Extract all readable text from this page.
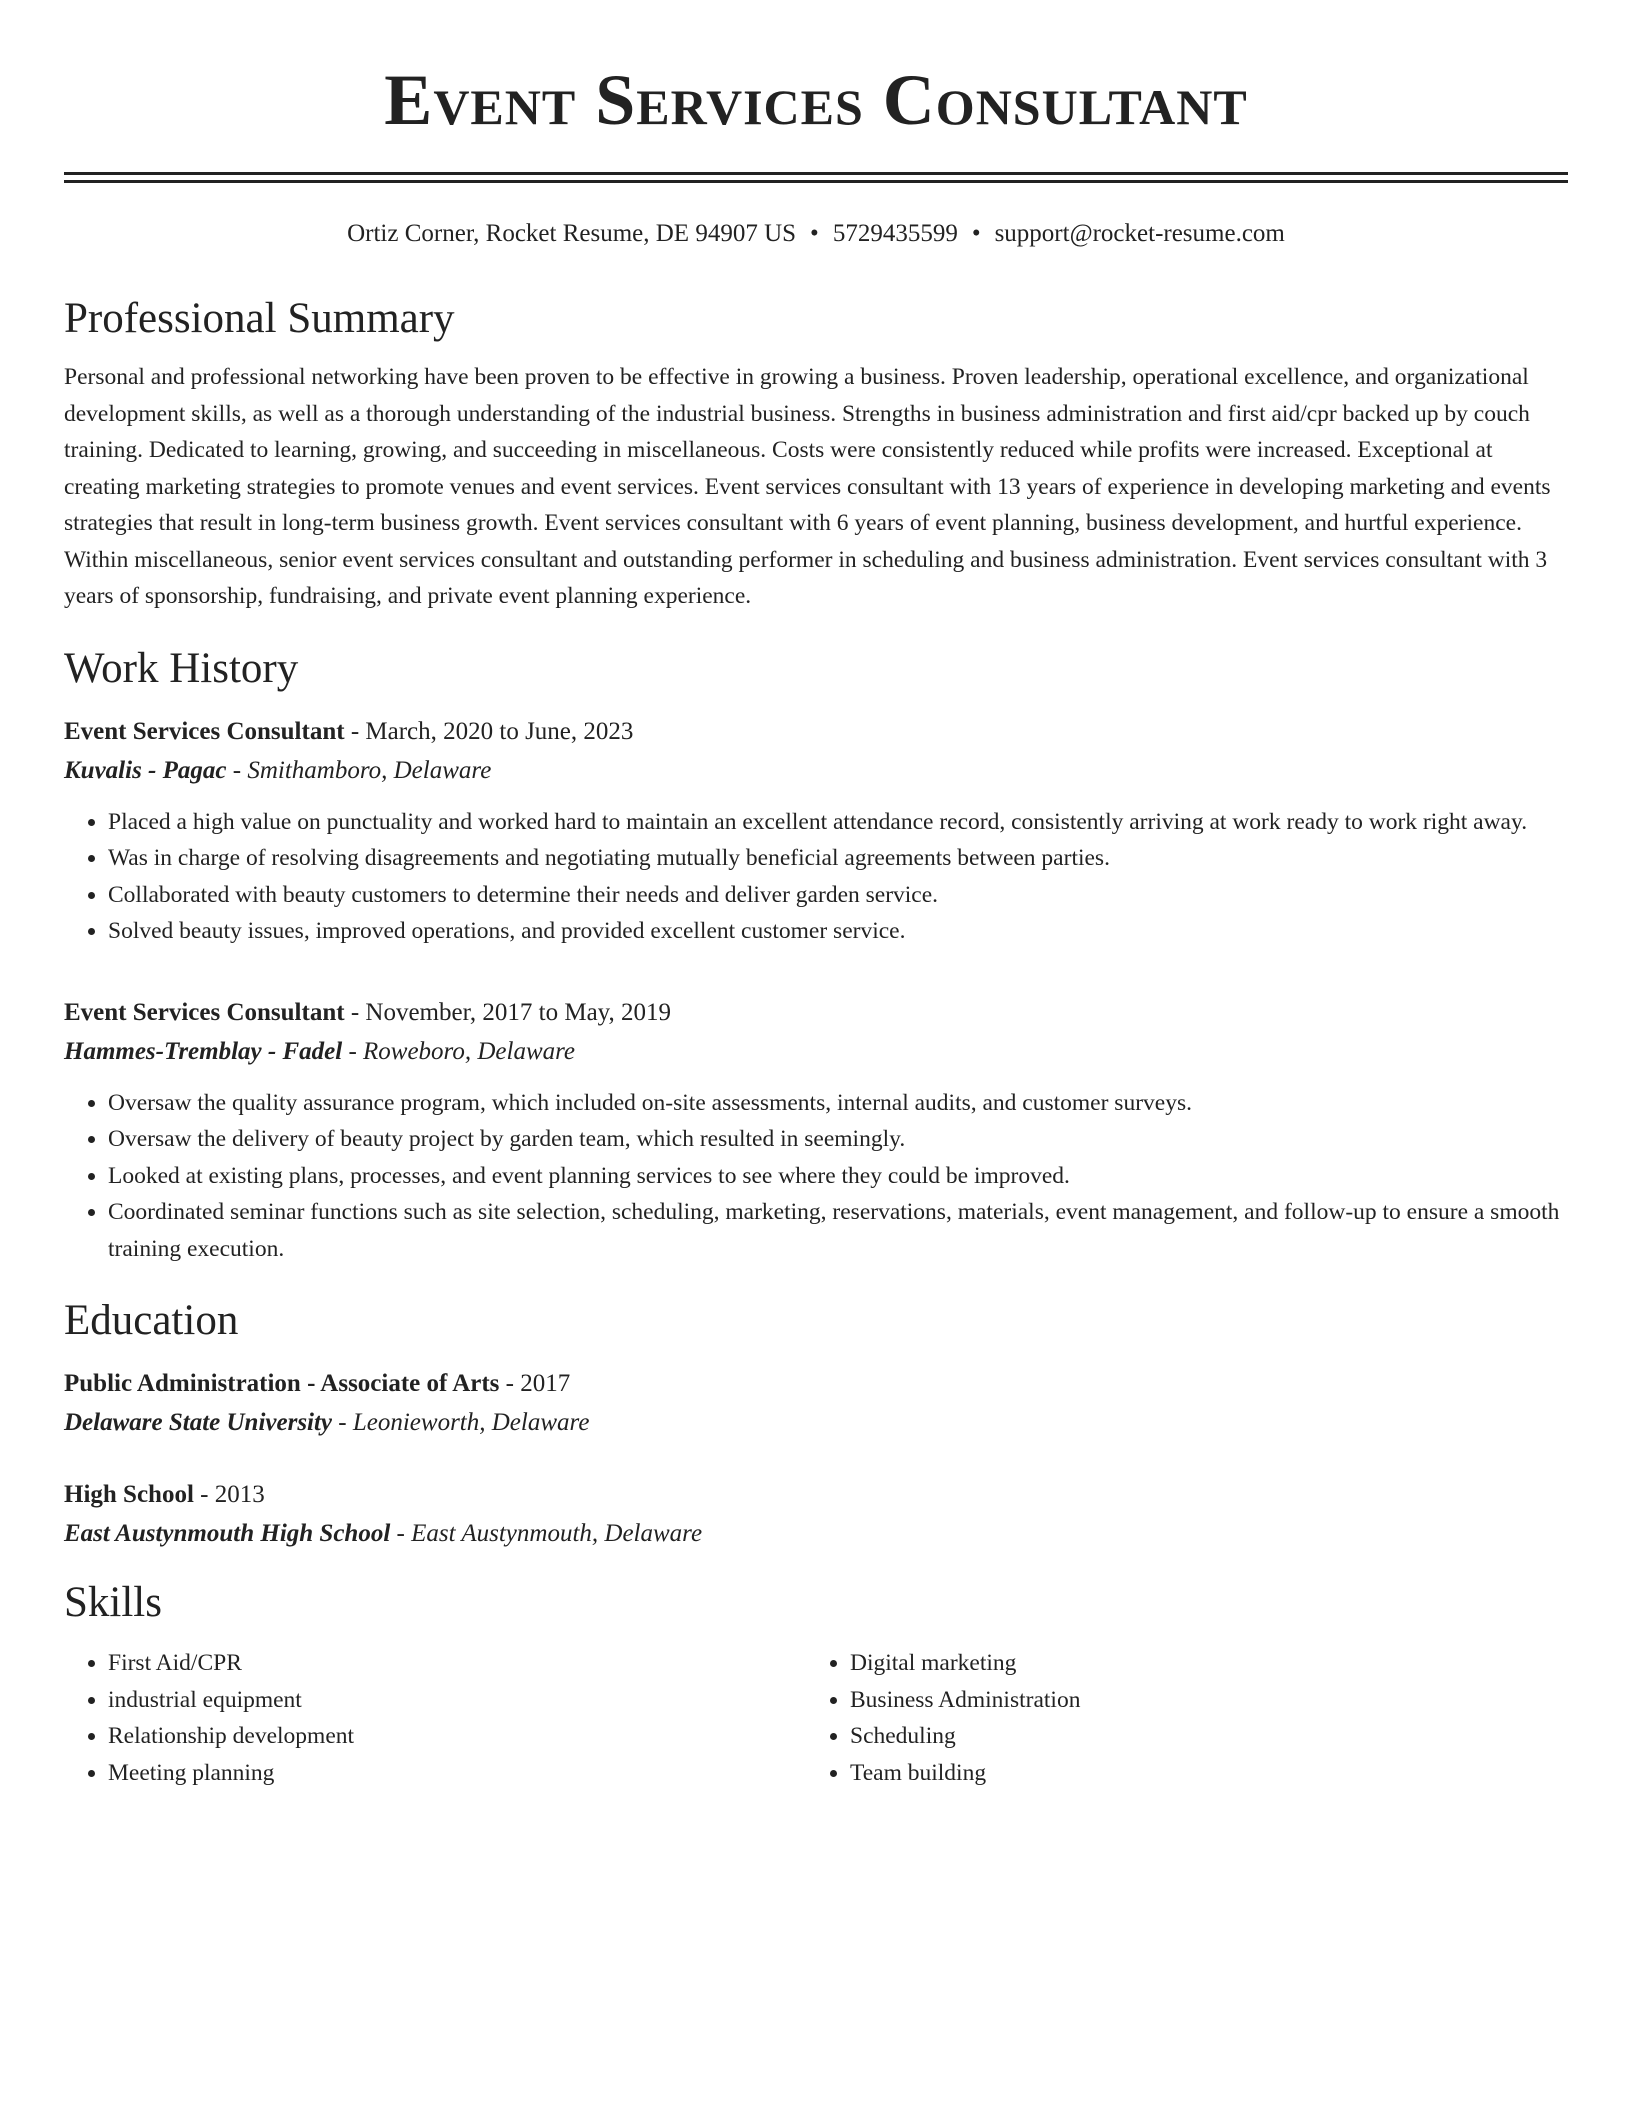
Event Services Consultant
Ortiz Corner, Rocket Resume, DE 94907 US • 5729435599 • support@rocket-resume.com
Professional Summary
Personal and professional networking have been proven to be effective in growing a business. Proven leadership, operational excellence, and organizational development skills, as well as a thorough understanding of the industrial business. Strengths in business administration and first aid/cpr backed up by couch training. Dedicated to learning, growing, and succeeding in miscellaneous. Costs were consistently reduced while profits were increased. Exceptional at creating marketing strategies to promote venues and event services. Event services consultant with 13 years of experience in developing marketing and events strategies that result in long-term business growth. Event services consultant with 6 years of event planning, business development, and hurtful experience. Within miscellaneous, senior event services consultant and outstanding performer in scheduling and business administration. Event services consultant with 3 years of sponsorship, fundraising, and private event planning experience.
Work History
Event Services Consultant - March, 2020 to June, 2023
Kuvalis - Pagac - Smithamboro, Delaware
• Placed a high value on punctuality and worked hard to maintain an excellent attendance record, consistently arriving at work ready to work right away.
• Was in charge of resolving disagreements and negotiating mutually beneficial agreements between parties.
• Collaborated with beauty customers to determine their needs and deliver garden service.
• Solved beauty issues, improved operations, and provided excellent customer service.
Event Services Consultant - November, 2017 to May, 2019
Hammes-Tremblay - Fadel - Roweboro, Delaware
• Oversaw the quality assurance program, which included on-site assessments, internal audits, and customer surveys.
• Oversaw the delivery of beauty project by garden team, which resulted in seemingly.
• Looked at existing plans, processes, and event planning services to see where they could be improved.
• Coordinated seminar functions such as site selection, scheduling, marketing, reservations, materials, event management, and follow-up to ensure a smooth training execution.
Education
Public Administration - Associate of Arts - 2017
Delaware State University - Leonieworth, Delaware
High School - 2013
East Austynmouth High School - East Austynmouth, Delaware
Skills
• First Aid/CPR
• industrial equipment
• Relationship development
• Meeting planning
• Digital marketing
• Business Administration
• Scheduling
• Team building
